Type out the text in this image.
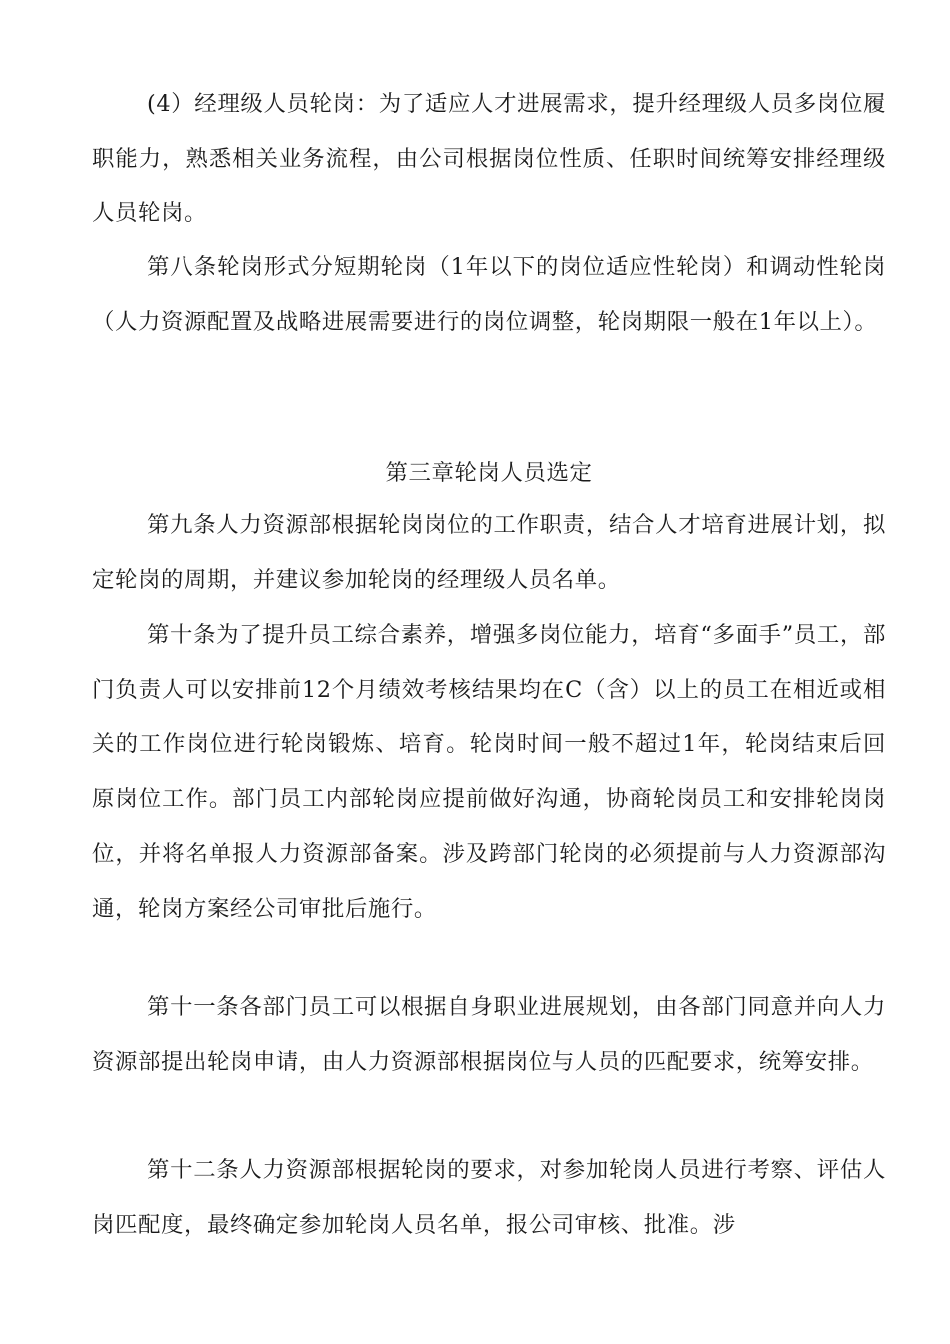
(4）经理级人员轮岗：为了适应人才进展需求，提升经理级人员多岗位履职能力，熟悉相关业务流程，由公司根据岗位性质、任职时间统筹安排经理级人员轮岗。

第八条轮岗形式分短期轮岗（1年以下的岗位适应性轮岗）和调动性轮岗（人力资源配置及战略进展需要进行的岗位调整，轮岗期限一般在1年以上）。

第三章轮岗人员选定

第九条人力资源部根据轮岗岗位的工作职责，结合人才培育进展计划，拟定轮岗的周期，并建议参加轮岗的经理级人员名单。

第十条为了提升员工综合素养，增强多岗位能力，培育“多面手”员工，部门负责人可以安排前12个月绩效考核结果均在C（含）以上的员工在相近或相关的工作岗位进行轮岗锻炼、培育。轮岗时间一般不超过1年，轮岗结束后回原岗位工作。部门员工内部轮岗应提前做好沟通，协商轮岗员工和安排轮岗岗位，并将名单报人力资源部备案。涉及跨部门轮岗的必须提前与人力资源部沟通，轮岗方案经公司审批后施行。

第十一条各部门员工可以根据自身职业进展规划，由各部门同意并向人力资源部提出轮岗申请，由人力资源部根据岗位与人员的匹配要求，统筹安排。

第十二条人力资源部根据轮岗的要求，对参加轮岗人员进行考察、评估人岗匹配度，最终确定参加轮岗人员名单，报公司审核、批准。涉
